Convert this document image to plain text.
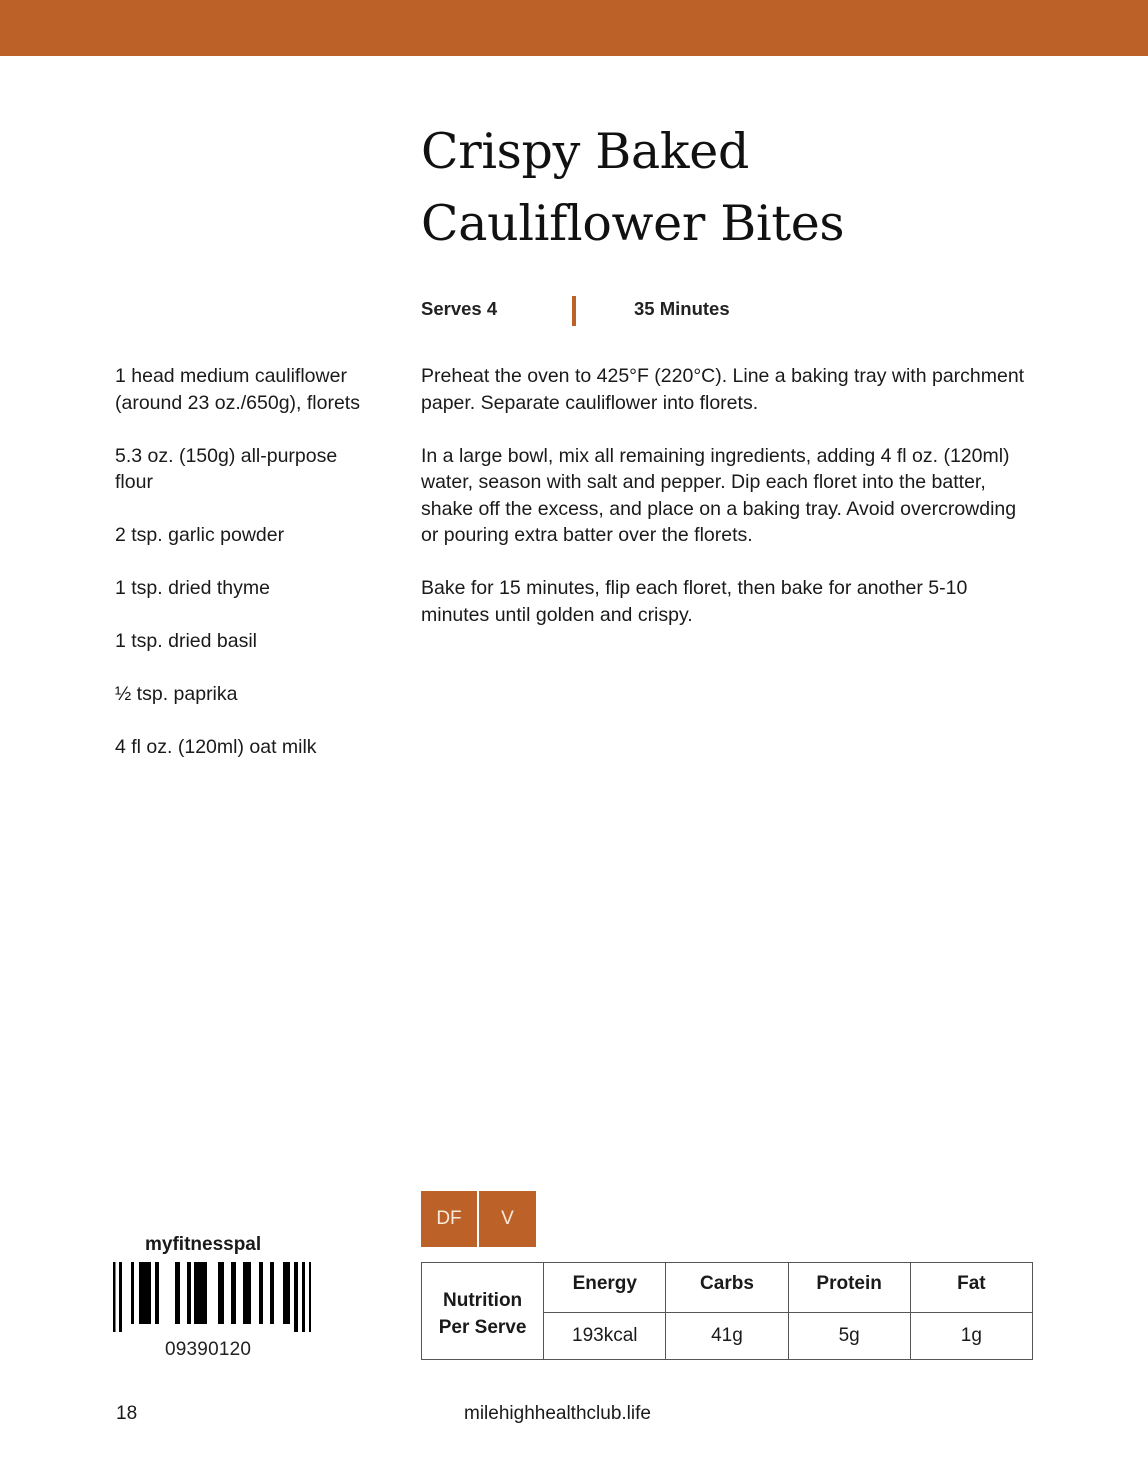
Crispy Baked
Cauliflower Bites
Serves 4	35 Minutes

1 head medium cauliflower (around 23 oz./650g), florets

5.3 oz. (150g) all-purpose flour

2 tsp. garlic powder

1 tsp. dried thyme

1 tsp. dried basil

½ tsp. paprika

4 fl oz. (120ml) oat milk

Preheat the oven to 425°F (220°C). Line a baking tray with parchment paper. Separate cauliflower into florets.

In a large bowl, mix all remaining ingredients, adding 4 fl oz. (120ml) water, season with salt and pepper. Dip each floret into the batter, shake off the excess, and place on a baking tray. Avoid overcrowding or pouring extra batter over the florets.

Bake for 15 minutes, flip each floret, then bake for another 5-10 minutes until golden and crispy.

DF	V
Nutrition
Per Serve	Energy	Carbs	Protein	Fat
	193kcal	41g	5g	1g
myfitnesspal
09390120
18	milehighhealthclub.life
